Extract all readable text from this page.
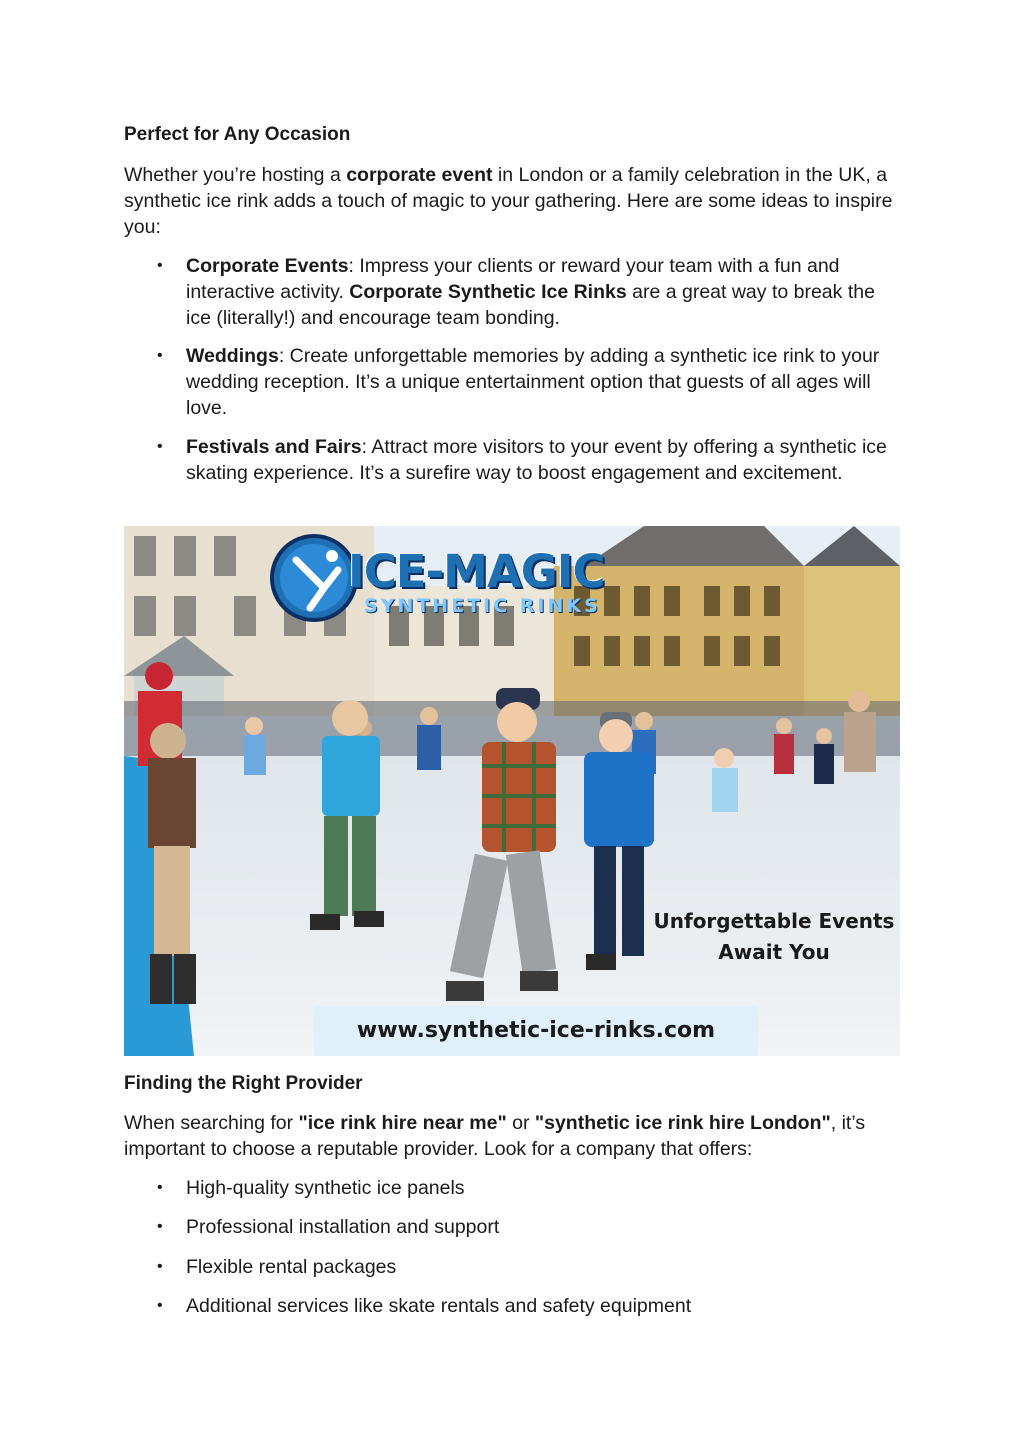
Perfect for Any Occasion

Whether you’re hosting a corporate event in London or a family celebration in the UK, a synthetic ice rink adds a touch of magic to your gathering. Here are some ideas to inspire you:

• Corporate Events: Impress your clients or reward your team with a fun and interactive activity. Corporate Synthetic Ice Rinks are a great way to break the ice (literally!) and encourage team bonding.
• Weddings: Create unforgettable memories by adding a synthetic ice rink to your wedding reception. It’s a unique entertainment option that guests of all ages will love.
• Festivals and Fairs: Attract more visitors to your event by offering a synthetic ice skating experience. It’s a surefire way to boost engagement and excitement.
ICE-MAGIC
SYNTHETIC RINKS
Unforgettable Events
Await You
www.synthetic-ice-rinks.com
Finding the Right Provider

When searching for "ice rink hire near me" or "synthetic ice rink hire London", it’s important to choose a reputable provider. Look for a company that offers:

• High-quality synthetic ice panels
• Professional installation and support
• Flexible rental packages
• Additional services like skate rentals and safety equipment
